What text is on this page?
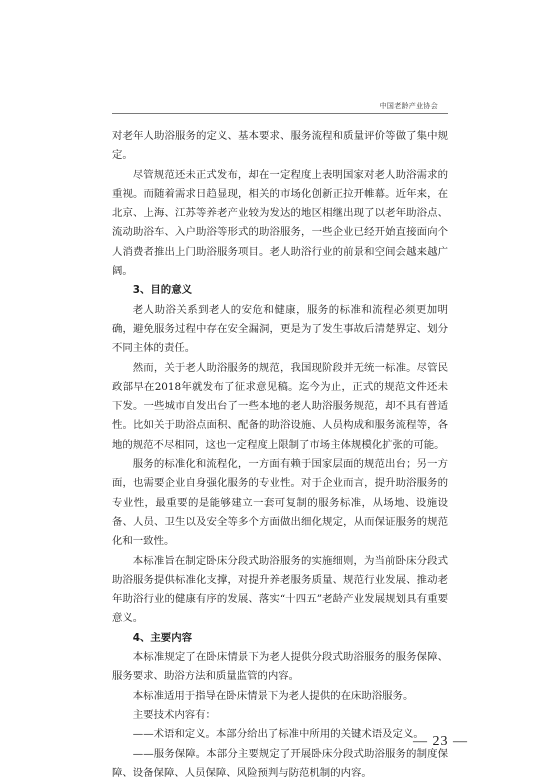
中国老龄产业协会

对老年人助浴服务的定义、基本要求、服务流程和质量评价等做了集中规定。

尽管规范还未正式发布，却在一定程度上表明国家对老人助浴需求的重视。而随着需求日趋显现，相关的市场化创新正拉开帷幕。近年来，在北京、上海、江苏等养老产业较为发达的地区相继出现了以老年助浴点、流动助浴车、入户助浴等形式的助浴服务，一些企业已经开始直接面向个人消费者推出上门助浴服务项目。老人助浴行业的前景和空间会越来越广阔。

3、目的意义

老人助浴关系到老人的安危和健康，服务的标准和流程必须更加明确，避免服务过程中存在安全漏洞，更是为了发生事故后清楚界定、划分不同主体的责任。

然而，关于老人助浴服务的规范，我国现阶段并无统一标准。尽管民政部早在2018年就发布了征求意见稿。迄今为止，正式的规范文件还未下发。一些城市自发出台了一些本地的老人助浴服务规范，却不具有普适性。比如关于助浴点面积、配备的助浴设施、人员构成和服务流程等，各地的规范不尽相同，这也一定程度上限制了市场主体规模化扩张的可能。

服务的标准化和流程化，一方面有赖于国家层面的规范出台；另一方面，也需要企业自身强化服务的专业性。对于企业而言，提升助浴服务的专业性，最重要的是能够建立一套可复制的服务标准，从场地、设施设备、人员、卫生以及安全等多个方面做出细化规定，从而保证服务的规范化和一致性。

本标准旨在制定卧床分段式助浴服务的实施细则，为当前卧床分段式助浴服务提供标准化支撑，对提升养老服务质量、规范行业发展、推动老年助浴行业的健康有序的发展、落实“十四五”老龄产业发展规划具有重要意义。

4、主要内容

本标准规定了在卧床情景下为老人提供分段式助浴服务的服务保障、服务要求、助浴方法和质量监管的内容。

本标准适用于指导在卧床情景下为老人提供的在床助浴服务。

主要技术内容有：

——术语和定义。本部分给出了标准中所用的关键术语及定义。

——服务保障。本部分主要规定了开展卧床分段式助浴服务的制度保障、设备保障、人员保障、风险预判与防范机制的内容。

— 23 —
